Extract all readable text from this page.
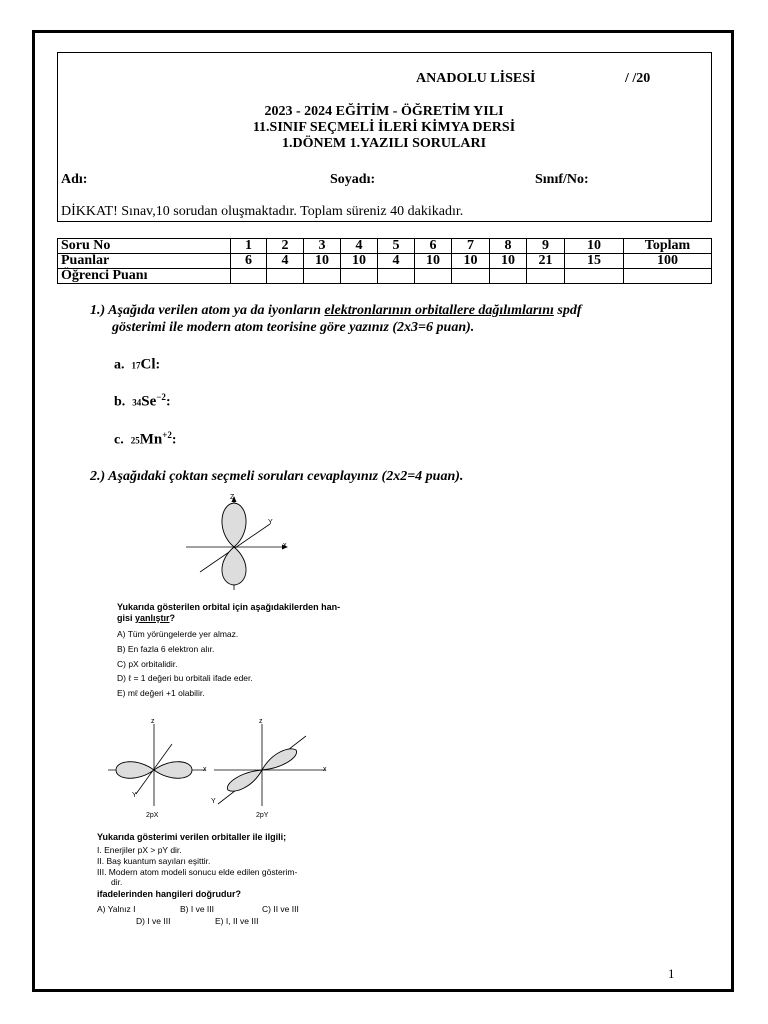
ANADOLU LİSESİ	/ /20
2023 - 2024 EĞİTİM - ÖĞRETİM YILI
11.SINIF SEÇMELİ İLERİ KİMYA DERSİ
1.DÖNEM 1.YAZILI SORULARI
Adı:	Soyadı:	Sınıf/No:
DİKKAT! Sınav,10 sorudan oluşmaktadır. Toplam süreniz 40 dakikadır.
Soru No	1	2	3	4	5	6	7	8	9	10	Toplam
Puanlar	6	4	10	10	4	10	10	10	21	15	100
Öğrenci Puanı											
1.) Aşağıda verilen atom ya da iyonların elektronlarının orbitallere dağılımlarını spdf
gösterimi ile modern atom teorisine göre yazınız (2x3=6 puan).
a. 17Cl:
b. $34Se^{-2}$:
c. $25Mn^{+2}$:
2.) Aşağıdaki çoktan seçmeli soruları cevaplayınız (2x2=4 puan).
Z
Y
x
Yukarıda gösterilen orbital için aşağıdakilerden han-
gisi yanlıştır?
A) Tüm yörüngelerde yer almaz.
B) En fazla 6 elektron alır.
C) pX orbitalidir.
D) ℓ = 1 değeri bu orbitali ifade eder.
E) mℓ değeri +1 olabilir.
z
x
Y
z
x
Y
2pX	2pY
Yukarıda gösterimi verilen orbitaller ile ilgili;
I. Enerjiler pX > pY dir.
II. Baş kuantum sayıları eşittir.
III. Modern atom modeli sonucu elde edilen gösterim-
dir.
ifadelerinden hangileri doğrudur?
A) Yalnız I	B) I ve III	C) II ve III
D) I ve III	E) I, II ve III
1
